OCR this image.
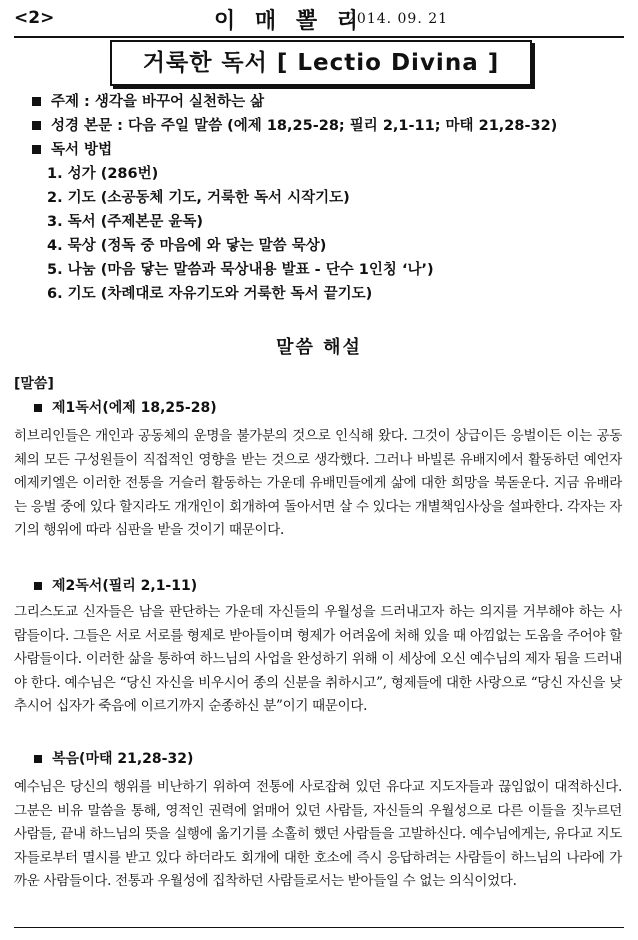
<2>	이 매 뽈 리
2014. 09. 21
거룩한 독서 [ Lectio Divina ]
주제 : 생각을 바꾸어 실천하는 삶
성경 본문 : 다음 주일 말씀 (에제 18,25-28; 필리 2,1-11; 마태 21,28-32)
독서 방법
1. 성가 (286번)
2. 기도 (소공동체 기도, 거룩한 독서 시작기도)
3. 독서 (주제본문 윤독)
4. 묵상 (정독 중 마음에 와 닿는 말씀 묵상)
5. 나눔 (마음 닿는 말씀과 묵상내용 발표 - 단수 1인칭 ‘나’)
6. 기도 (차례대로 자유기도와 거룩한 독서 끝기도)
말씀 해설
[말씀]
제1독서(에제 18,25-28)
히브리인들은 개인과 공동체의 운명을 불가분의 것으로 인식해 왔다. 그것이 상급이든 응벌이든 이는 공동체의 모든 구성원들이 직접적인 영향을 받는 것으로 생각했다. 그러나 바빌론 유배지에서 활동하던 예언자 에제키엘은 이러한 전통을 거슬러 활동하는 가운데 유배민들에게 삶에 대한 희망을 북돋운다. 지금 유배라는 응벌 중에 있다 할지라도 개개인이 회개하여 돌아서면 살 수 있다는 개별책임사상을 설파한다. 각자는 자기의 행위에 따라 심판을 받을 것이기 때문이다.
제2독서(필리 2,1-11)
그리스도교 신자들은 남을 판단하는 가운데 자신들의 우월성을 드러내고자 하는 의지를 거부해야 하는 사람들이다. 그들은 서로 서로를 형제로 받아들이며 형제가 어려움에 처해 있을 때 아낌없는 도움을 주어야 할 사람들이다. 이러한 삶을 통하여 하느님의 사업을 완성하기 위해 이 세상에 오신 예수님의 제자 됨을 드러내야 한다. 예수님은 “당신 자신을 비우시어 종의 신분을 취하시고”, 형제들에 대한 사랑으로 “당신 자신을 낮추시어 십자가 죽음에 이르기까지 순종하신 분”이기 때문이다.
복음(마태 21,28-32)
예수님은 당신의 행위를 비난하기 위하여 전통에 사로잡혀 있던 유다교 지도자들과 끊임없이 대적하신다. 그분은 비유 말씀을 통해, 영적인 권력에 얽매어 있던 사람들, 자신들의 우월성으로 다른 이들을 짓누르던 사람들, 끝내 하느님의 뜻을 실행에 옮기기를 소홀히 했던 사람들을 고발하신다. 예수님에게는, 유다교 지도자들로부터 멸시를 받고 있다 하더라도 회개에 대한 호소에 즉시 응답하려는 사람들이 하느님의 나라에 가까운 사람들이다. 전통과 우월성에 집착하던 사람들로서는 받아들일 수 없는 의식이었다.
